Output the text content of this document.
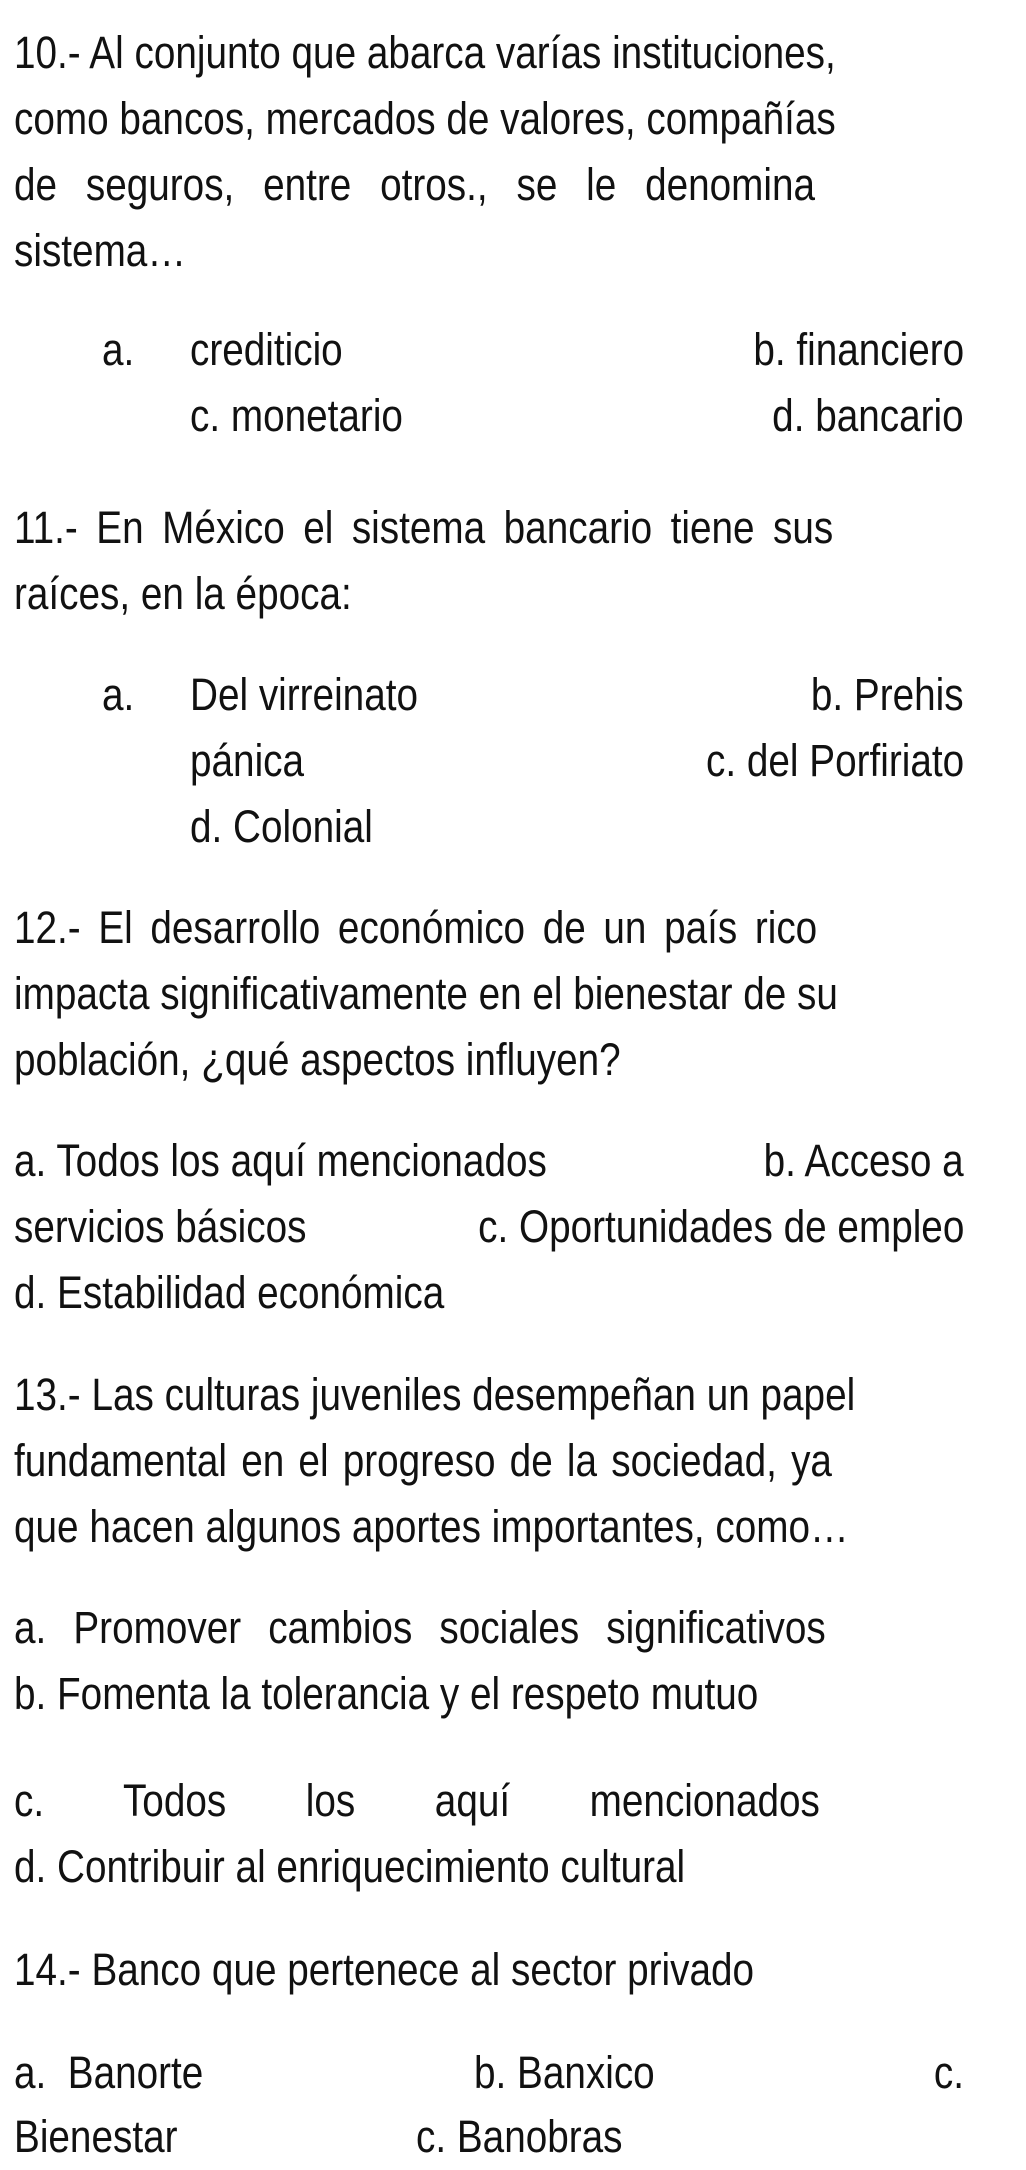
10.- Al conjunto que abarca varías instituciones,
como bancos, mercados de valores, compañías
de seguros, entre otros., se le denomina
sistema…
a. crediticio	b. financiero
c. monetario	d. bancario
11.- En México el sistema bancario tiene sus
raíces, en la época:
a. Del virreinato	b. Prehis
pánica	c. del Porfiriato
d. Colonial
12.- El desarrollo económico de un país rico
impacta significativamente en el bienestar de su
población, ¿qué aspectos influyen?
a. Todos los aquí mencionados	b. Acceso a
servicios básicos	c. Oportunidades de empleo
d. Estabilidad económica
13.- Las culturas juveniles desempeñan un papel
fundamental en el progreso de la sociedad, ya
que hacen algunos aportes importantes, como…
a. Promover cambios sociales significativos
b. Fomenta la tolerancia y el respeto mutuo
c. Todos los aquí mencionados
d. Contribuir al enriquecimiento cultural
14.- Banco que pertenece al sector privado
a.  Banorte	b. Banxico	c.
Bienestar	c. Banobras
